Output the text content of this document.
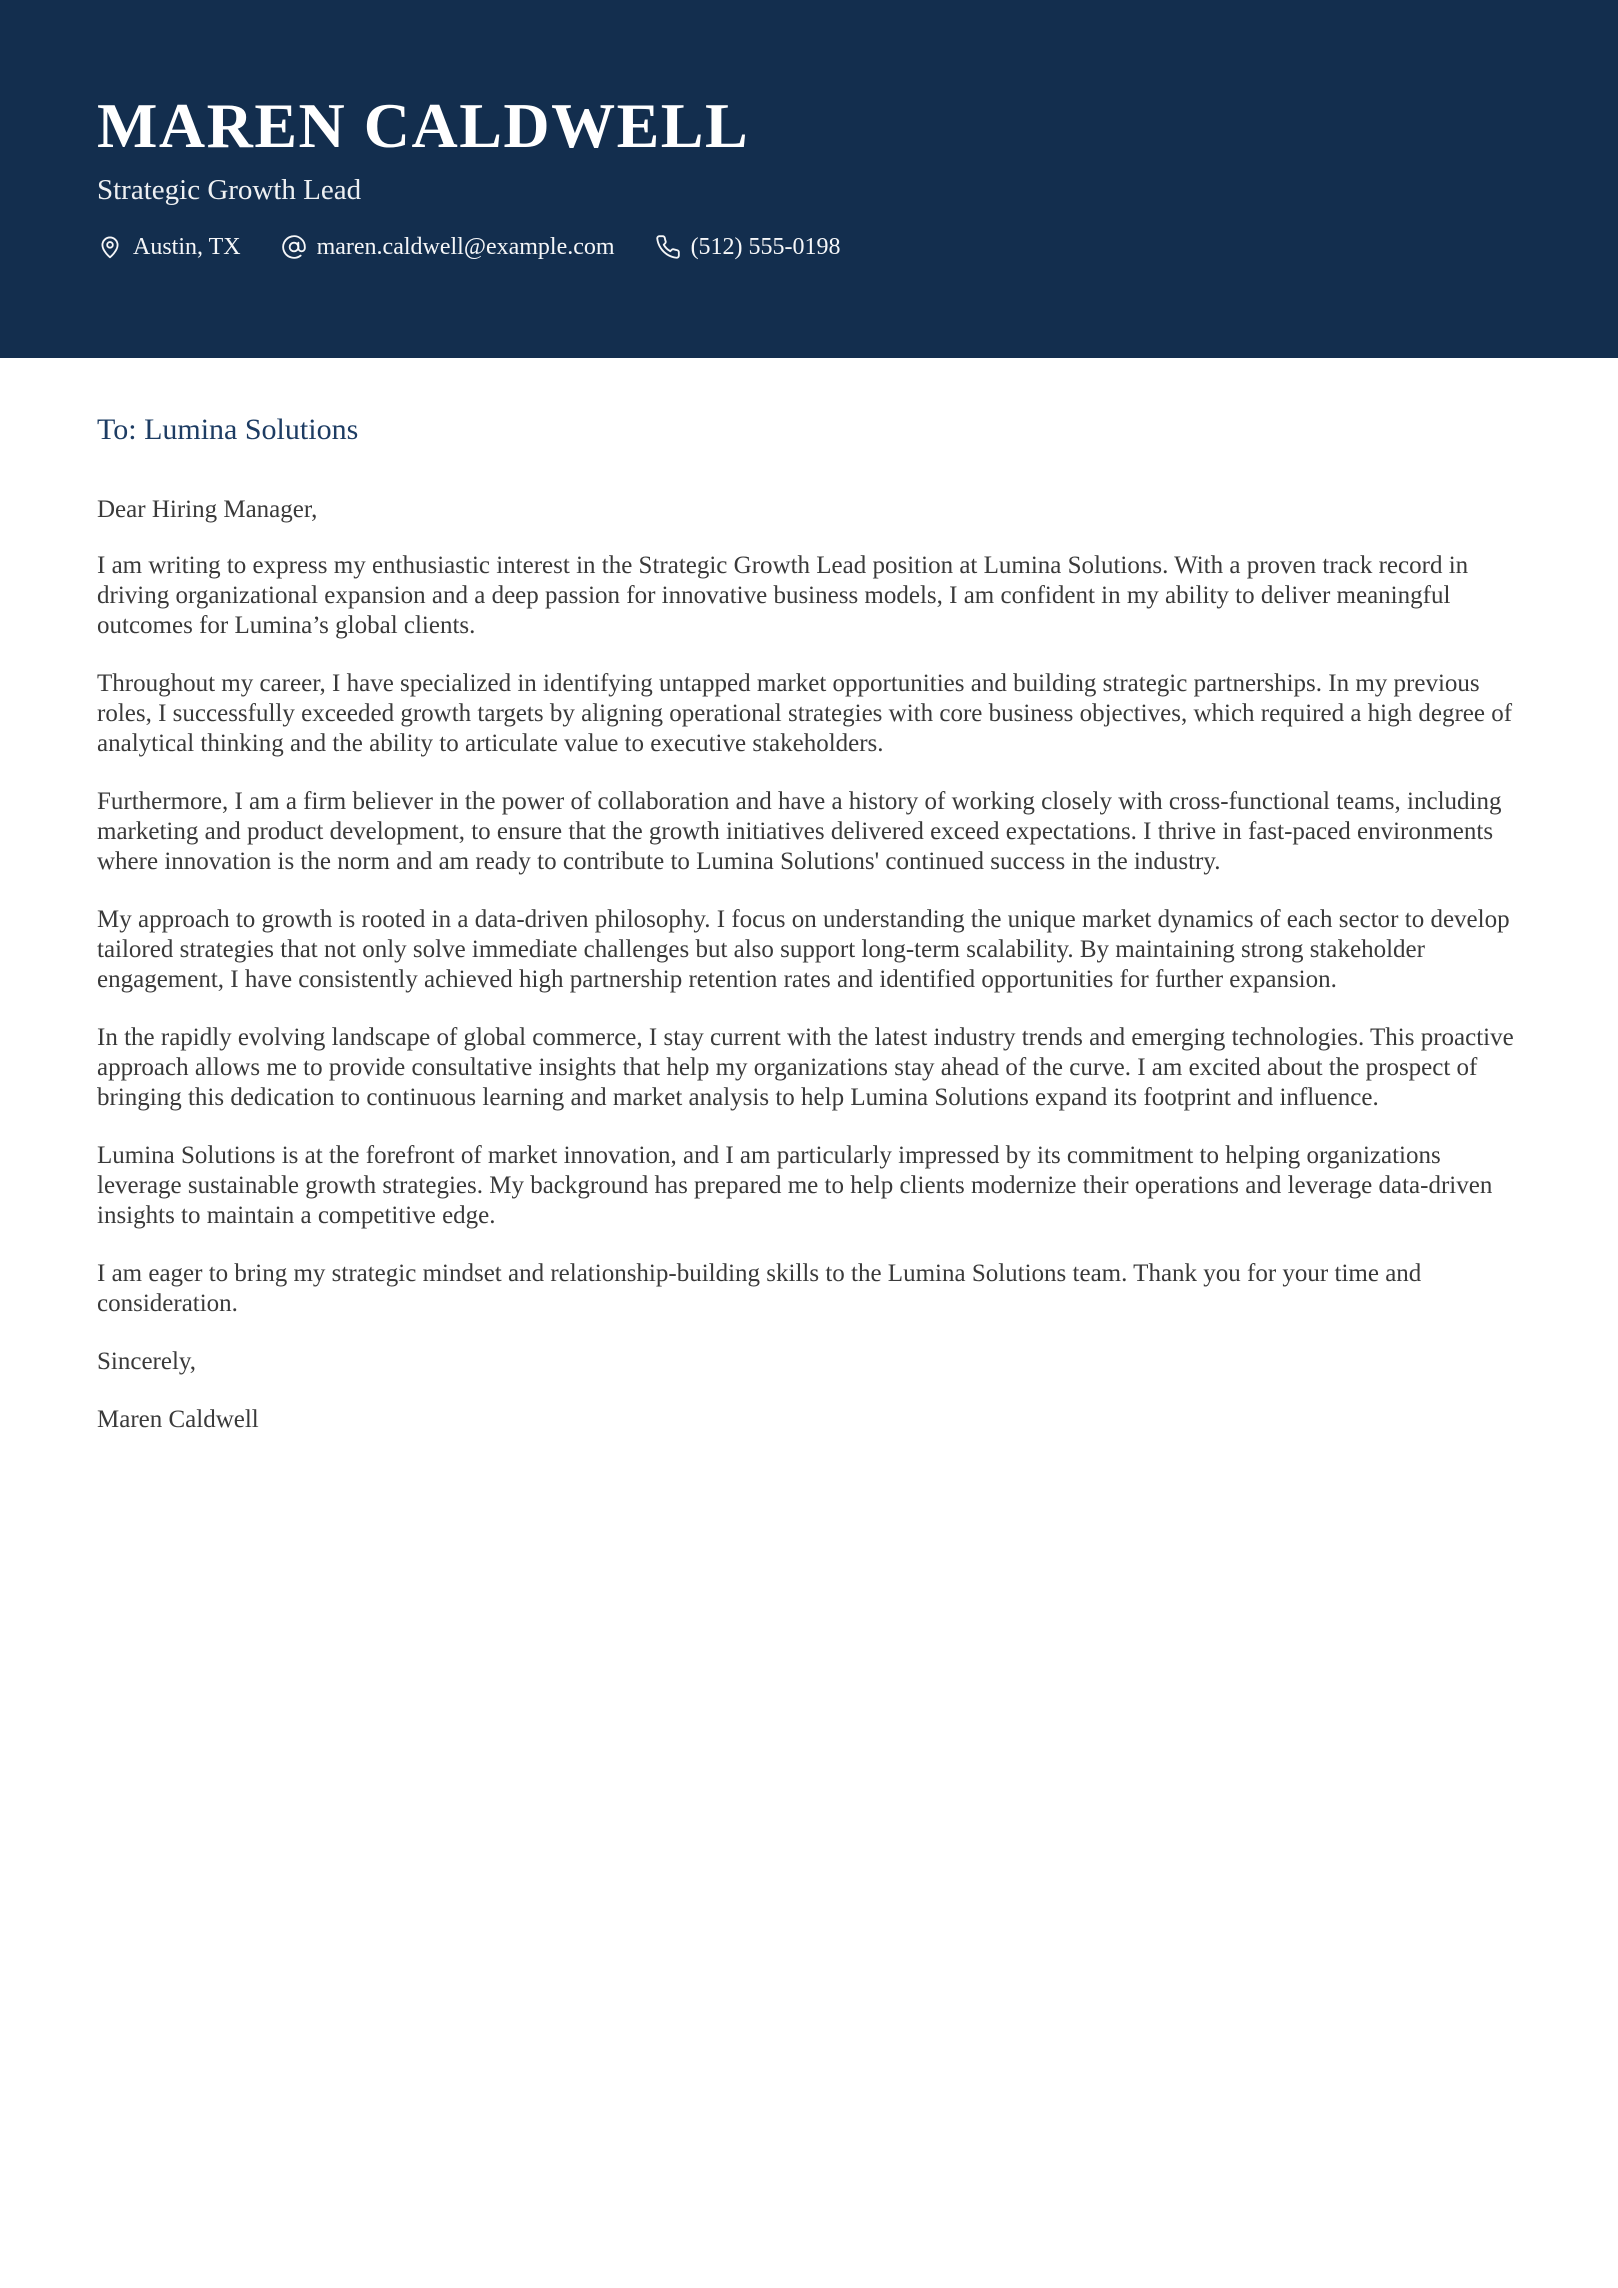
MAREN CALDWELL
Strategic Growth Lead
Austin, TX	maren.caldwell@example.com	(512) 555-0198
To: Lumina Solutions

Dear Hiring Manager,

I am writing to express my enthusiastic interest in the Strategic Growth Lead position at Lumina Solutions. With a proven track record in driving organizational expansion and a deep passion for innovative business models, I am confident in my ability to deliver meaningful outcomes for Lumina’s global clients.

Throughout my career, I have specialized in identifying untapped market opportunities and building strategic partnerships. In my previous roles, I successfully exceeded growth targets by aligning operational strategies with core business objectives, which required a high degree of analytical thinking and the ability to articulate value to executive stakeholders.

Furthermore, I am a firm believer in the power of collaboration and have a history of working closely with cross-functional teams, including marketing and product development, to ensure that the growth initiatives delivered exceed expectations. I thrive in fast-paced environments where innovation is the norm and am ready to contribute to Lumina Solutions' continued success in the industry.

My approach to growth is rooted in a data-driven philosophy. I focus on understanding the unique market dynamics of each sector to develop tailored strategies that not only solve immediate challenges but also support long-term scalability. By maintaining strong stakeholder engagement, I have consistently achieved high partnership retention rates and identified opportunities for further expansion.

In the rapidly evolving landscape of global commerce, I stay current with the latest industry trends and emerging technologies. This proactive approach allows me to provide consultative insights that help my organizations stay ahead of the curve. I am excited about the prospect of bringing this dedication to continuous learning and market analysis to help Lumina Solutions expand its footprint and influence.

Lumina Solutions is at the forefront of market innovation, and I am particularly impressed by its commitment to helping organizations leverage sustainable growth strategies. My background has prepared me to help clients modernize their operations and leverage data-driven insights to maintain a competitive edge.

I am eager to bring my strategic mindset and relationship-building skills to the Lumina Solutions team. Thank you for your time and consideration.

Sincerely,

Maren Caldwell
